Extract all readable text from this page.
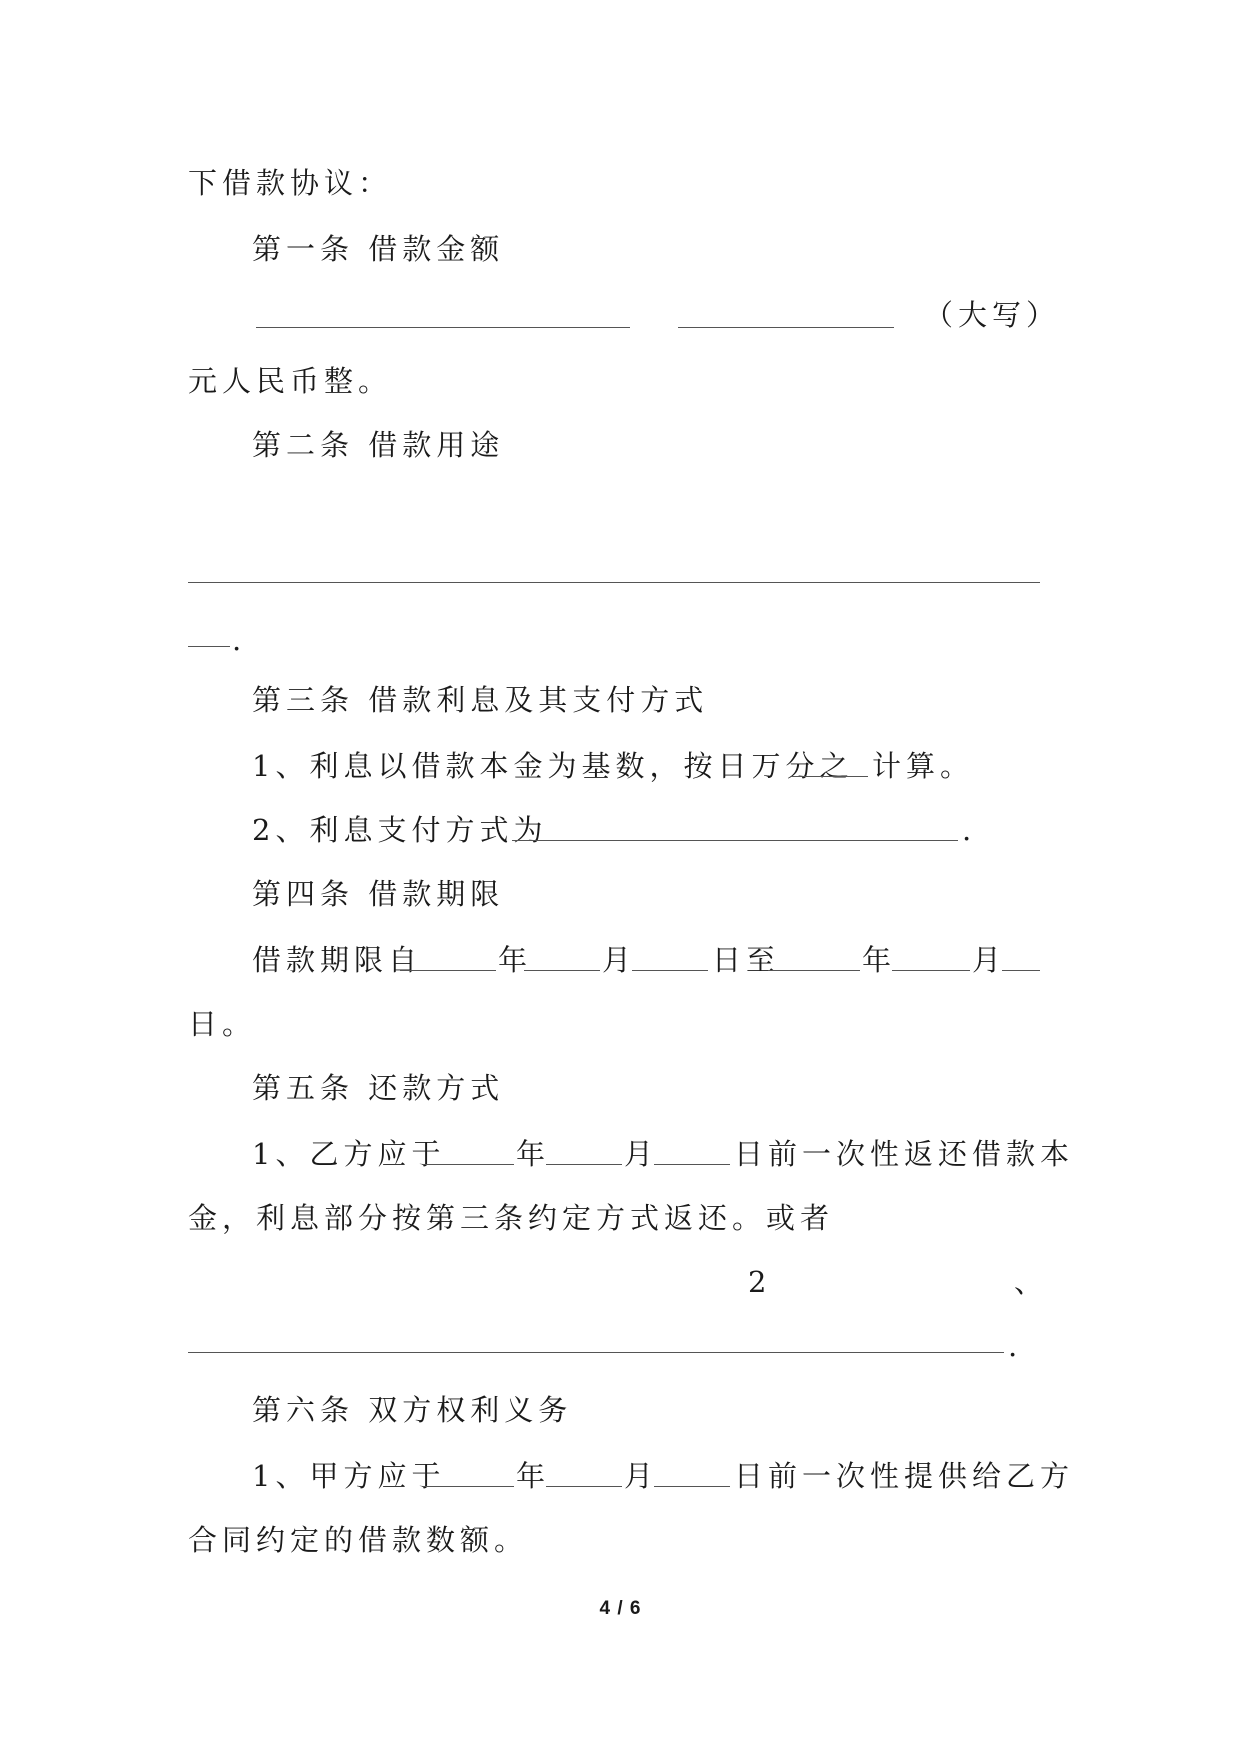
下借款协议：
第一条 借款金额
（大写）
元人民币整。
第二条 借款用途
.
第三条 借款利息及其支付方式
1、利息以借款本金为基数，按日万分之 计算。
2、利息支付方式为	.
第四条 借款期限
借款期限自	年 月	日至	年	月
日。
第五条 还款方式
1、乙方应于 年	月	日前一次性返还借款本
金，利息部分按第三条约定方式返还。或者
2	、
.
第六条 双方权利义务
1、甲方应于 年	月	日前一次性提供给乙方
合同约定的借款数额。
4 / 6
